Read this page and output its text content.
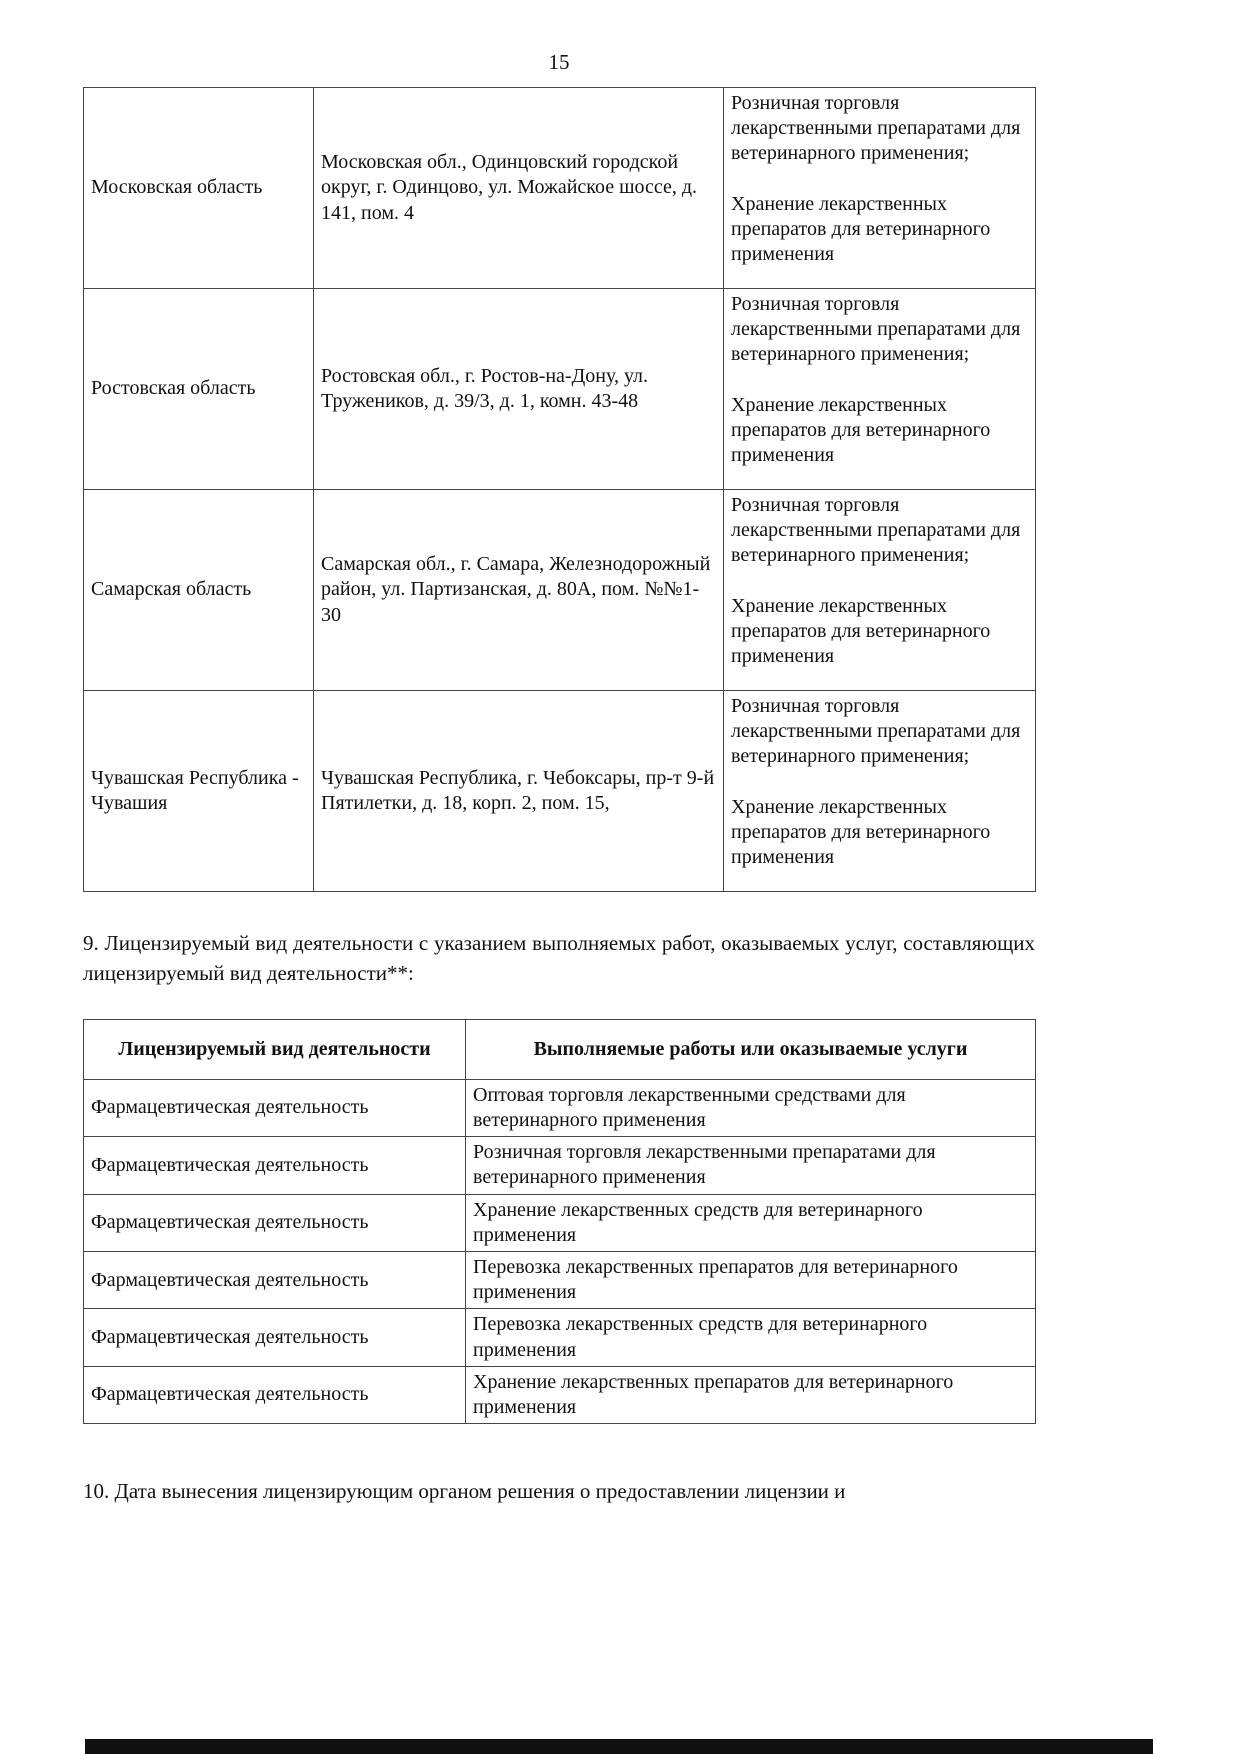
15
Московская область	Московская обл., Одинцовский городской округ, г. Одинцово, ул. Можайское шоссе, д. 141, пом. 4	Розничная торговля лекарственными препаратами для ветеринарного применения;
Хранение лекарственных препаратов для ветеринарного применения

Ростовская область	Ростовская обл., г. Ростов-на-Дону, ул. Тружеников, д. 39/3, д. 1, комн. 43-48	Розничная торговля лекарственными препаратами для ветеринарного применения;
Хранение лекарственных препаратов для ветеринарного применения

Самарская область	Самарская обл., г. Самара, Железнодорожный район, ул. Партизанская, д. 80А, пом. №№1-30	Розничная торговля лекарственными препаратами для ветеринарного применения;
Хранение лекарственных препаратов для ветеринарного применения

Чувашская Республика - Чувашия	Чувашская Республика, г. Чебоксары, пр-т 9-й Пятилетки, д. 18, корп. 2, пом. 15,	Розничная торговля лекарственными препаратами для ветеринарного применения;
Хранение лекарственных препаратов для ветеринарного применения
9. Лицензируемый вид деятельности с указанием выполняемых работ, оказываемых услуг, составляющих лицензируемый вид деятельности**:
Лицензируемый вид деятельности	Выполняемые работы или оказываемые услуги
Фармацевтическая деятельность	Оптовая торговля лекарственными средствами для ветеринарного применения
Фармацевтическая деятельность	Розничная торговля лекарственными препаратами для ветеринарного применения
Фармацевтическая деятельность	Хранение лекарственных средств для ветеринарного применения
Фармацевтическая деятельность	Перевозка лекарственных препаратов для ветеринарного применения
Фармацевтическая деятельность	Перевозка лекарственных средств для ветеринарного применения
Фармацевтическая деятельность	Хранение лекарственных препаратов для ветеринарного применения
10. Дата вынесения лицензирующим органом решения о предоставлении лицензии и
